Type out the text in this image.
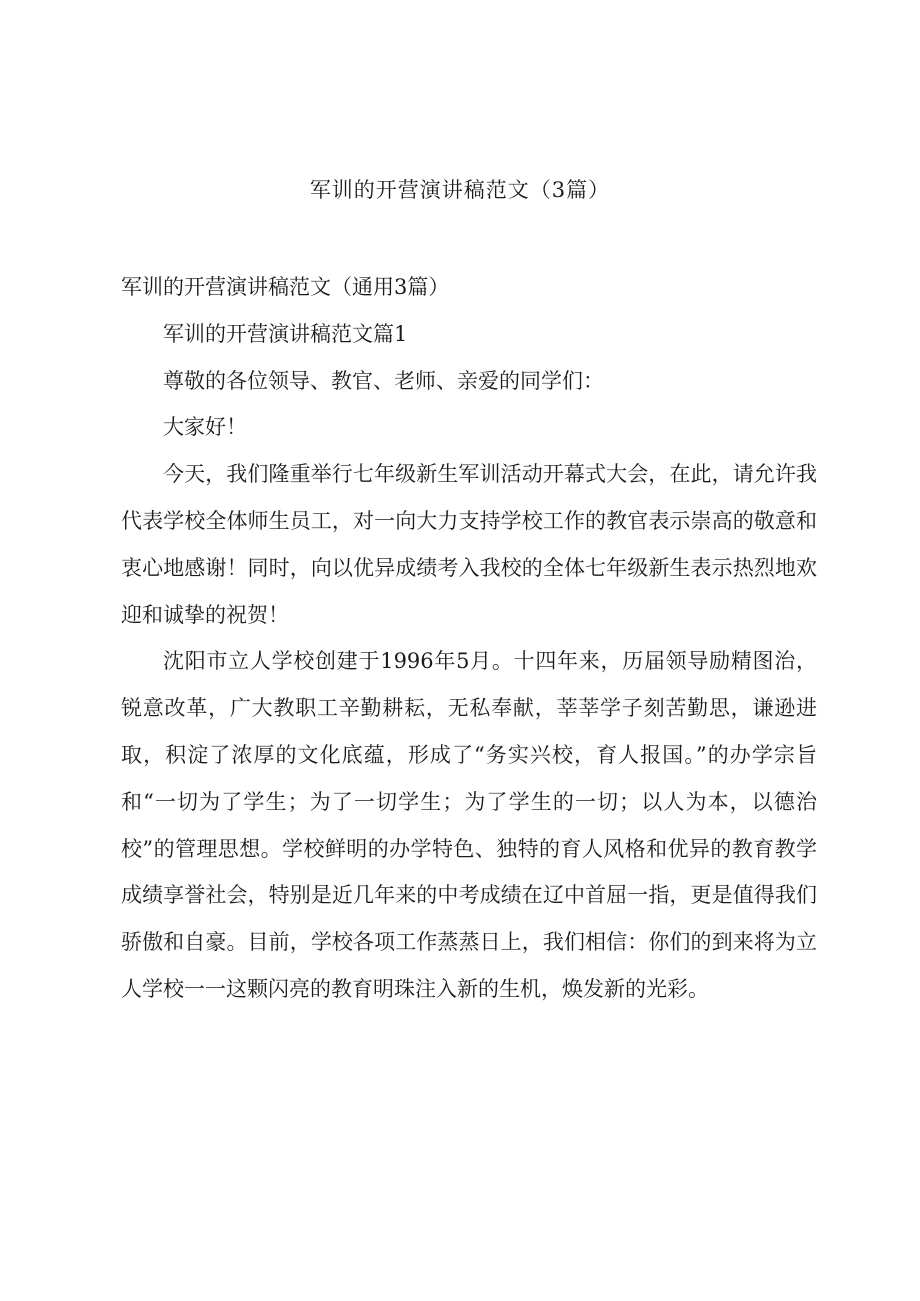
军训的开营演讲稿范文（3篇）

军训的开营演讲稿范文（通用3篇）

军训的开营演讲稿范文篇1

尊敬的各位领导、教官、老师、亲爱的同学们：

大家好！

今天，我们隆重举行七年级新生军训活动开幕式大会，在此，请允许我代表学校全体师生员工，对一向大力支持学校工作的教官表示崇高的敬意和衷心地感谢！同时，向以优异成绩考入我校的全体七年级新生表示热烈地欢迎和诚挚的祝贺！

沈阳市立人学校创建于1996年5月。十四年来，历届领导励精图治，锐意改革，广大教职工辛勤耕耘，无私奉献，莘莘学子刻苦勤思，谦逊进取，积淀了浓厚的文化底蕴，形成了“务实兴校，育人报国。”的办学宗旨和“一切为了学生；为了一切学生；为了学生的一切；以人为本，以德治校”的管理思想。学校鲜明的办学特色、独特的育人风格和优异的教育教学成绩享誉社会，特别是近几年来的中考成绩在辽中首屈一指，更是值得我们骄傲和自豪。目前，学校各项工作蒸蒸日上，我们相信：你们的到来将为立人学校一一这颗闪亮的教育明珠注入新的生机，焕发新的光彩。
